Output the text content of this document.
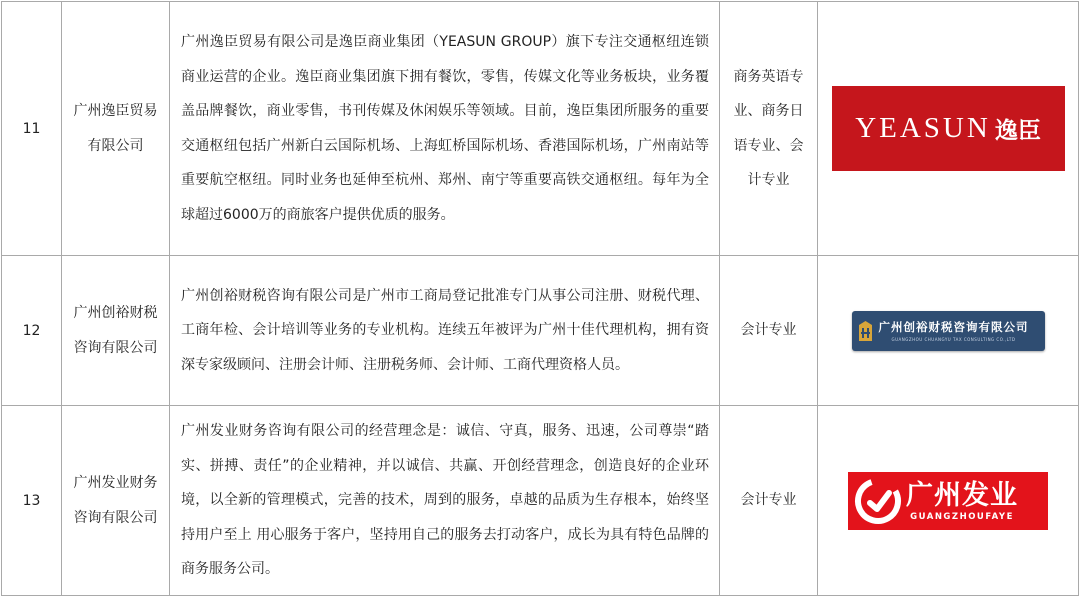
11	广州逸臣贸易有限公司	广州逸臣贸易有限公司是逸臣商业集团（YEASUN GROUP）旗下专注交通枢纽连锁商业运营的企业。逸臣商业集团旗下拥有餐饮，零售，传媒文化等业务板块，业务覆盖品牌餐饮，商业零售，书刊传媒及休闲娱乐等领域。目前，逸臣集团所服务的重要交通枢纽包括广州新白云国际机场、上海虹桥国际机场、香港国际机场，广州南站等重要航空枢纽。同时业务也延伸至杭州、郑州、南宁等重要高铁交通枢纽。每年为全球超过6000万的商旅客户提供优质的服务。	商务英语专业、商务日语专业、会计专业	YEASUN 逸臣

12	广州创裕财税咨询有限公司	广州创裕财税咨询有限公司是广州市工商局登记批准专门从事公司注册、财税代理、工商年检、会计培训等业务的专业机构。连续五年被评为广州十佳代理机构，拥有资深专家级顾问、注册会计师、注册税务师、会计师、工商代理资格人员。	会计专业	广州创裕财税咨询有限公司
GUANGZHOU CHUANGYU TAX CONSULTING CO.,LTD

13	广州发业财务咨询有限公司	广州发业财务咨询有限公司的经营理念是：诚信、守真，服务、迅速，公司尊崇“踏实、拼搏、责任”的企业精神，并以诚信、共赢、开创经营理念，创造良好的企业环境，以全新的管理模式，完善的技术，周到的服务，卓越的品质为生存根本，始终坚持用户至上 用心服务于客户，坚持用自己的服务去打动客户，成长为具有特色品牌的商务服务公司。	会计专业	广州发业
GUANGZHOUFAYE
